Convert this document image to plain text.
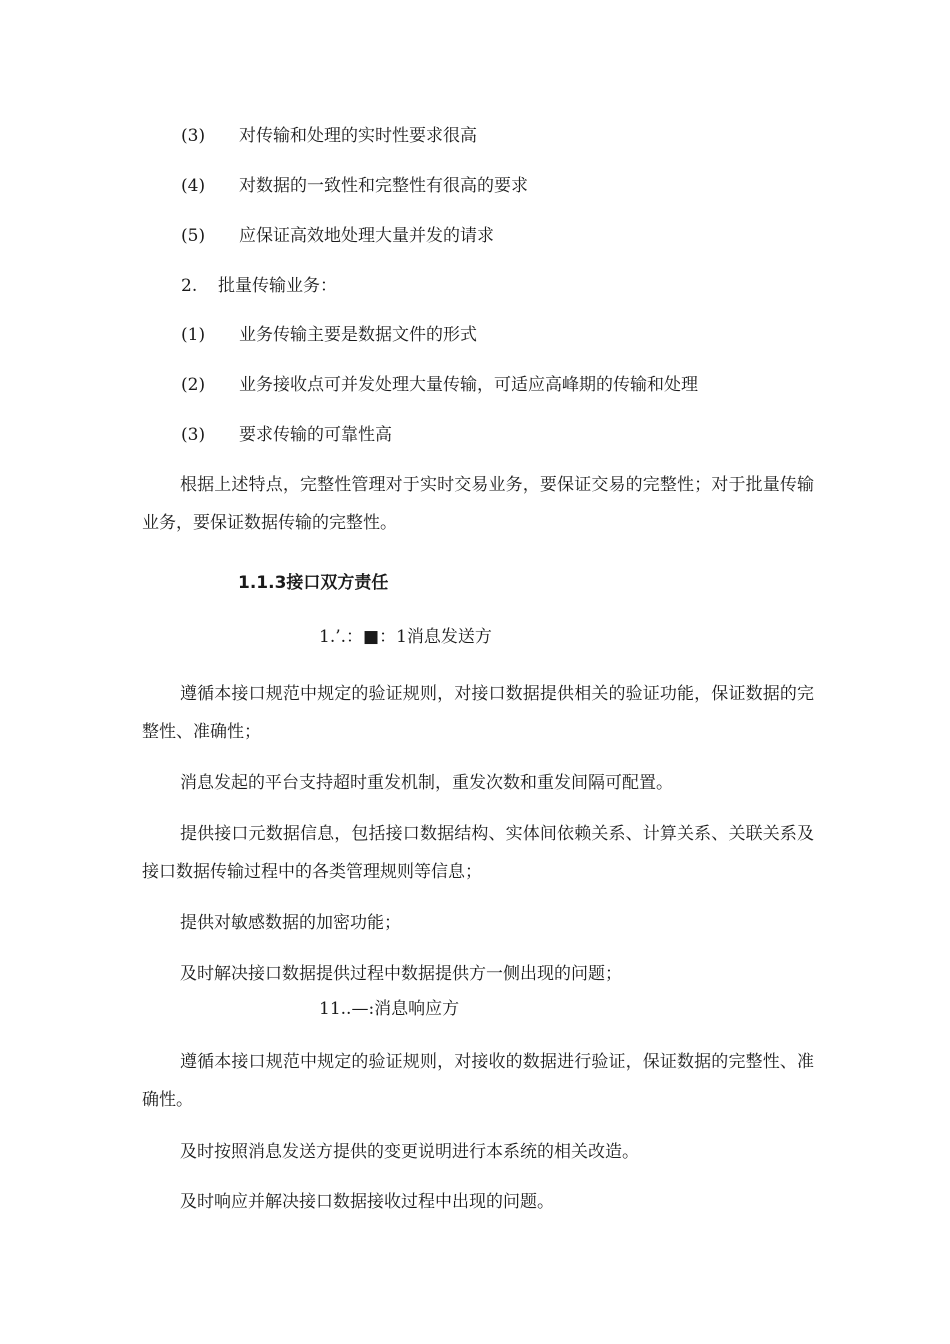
(3) 对传输和处理的实时性要求很高
(4) 对数据的一致性和完整性有很高的要求
(5) 应保证高效地处理大量并发的请求
2. 批量传输业务：
(1) 业务传输主要是数据文件的形式
(2) 业务接收点可并发处理大量传输，可适应高峰期的传输和处理
(3) 要求传输的可靠性高

根据上述特点，完整性管理对于实时交易业务，要保证交易的完整性；对于批量传输业务，要保证数据传输的完整性。

1.1.3接口双方责任
1.’.：■：1消息发送方

遵循本接口规范中规定的验证规则，对接口数据提供相关的验证功能，保证数据的完整性、准确性；

消息发起的平台支持超时重发机制，重发次数和重发间隔可配置。

提供接口元数据信息，包括接口数据结构、实体间依赖关系、计算关系、关联关系及接口数据传输过程中的各类管理规则等信息；

提供对敏感数据的加密功能；

及时解决接口数据提供过程中数据提供方一侧出现的问题；

11..—:消息响应方

遵循本接口规范中规定的验证规则，对接收的数据进行验证，保证数据的完整性、准确性。

及时按照消息发送方提供的变更说明进行本系统的相关改造。

及时响应并解决接口数据接收过程中出现的问题。
